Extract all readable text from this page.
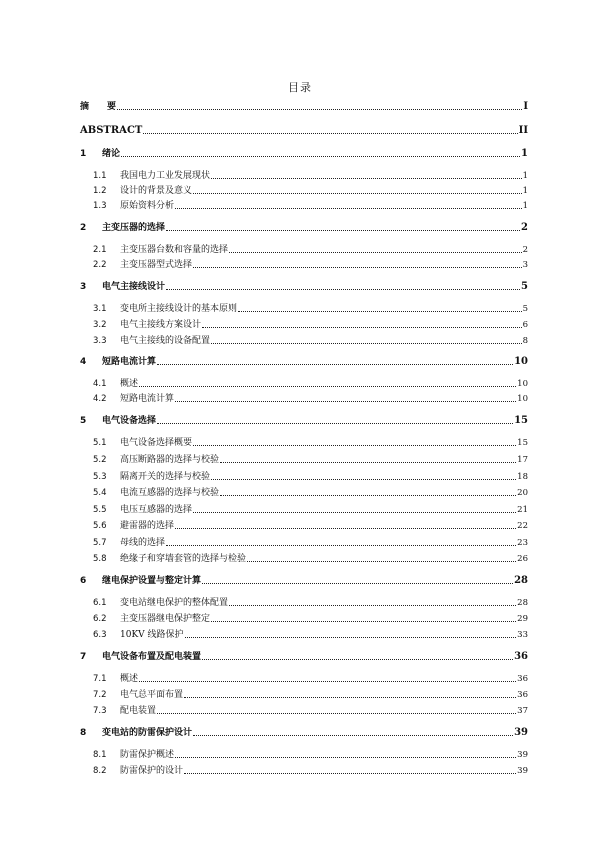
目录
摘　　要	I
ABSTRACT	II
1	绪论	1
1.1	我国电力工业发展现状	1
1.2	设计的背景及意义	1
1.3	原始资料分析	1
2	主变压器的选择	2
2.1	主变压器台数和容量的选择	2
2.2	主变压器型式选择	3
3	电气主接线设计	5
3.1	变电所主接线设计的基本原则	5
3.2	电气主接线方案设计	6
3.3	电气主接线的设备配置	8
4	短路电流计算	10
4.1	概述	10
4.2	短路电流计算	10
5	电气设备选择	15
5.1	电气设备选择概要	15
5.2	高压断路器的选择与校验	17
5.3	隔离开关的选择与校验	18
5.4	电流互感器的选择与校验	20
5.5	电压互感器的选择	21
5.6	避雷器的选择	22
5.7	母线的选择	23
5.8	绝缘子和穿墙套管的选择与检验	26
6	继电保护设置与整定计算	28
6.1	变电站继电保护的整体配置	28
6.2	主变压器继电保护整定	29
6.3	10KV 线路保护	33
7	电气设备布置及配电装置	36
7.1	概述	36
7.2	电气总平面布置	36
7.3	配电装置	37
8	变电站的防雷保护设计	39
8.1	防雷保护概述	39
8.2	防雷保护的设计	39
